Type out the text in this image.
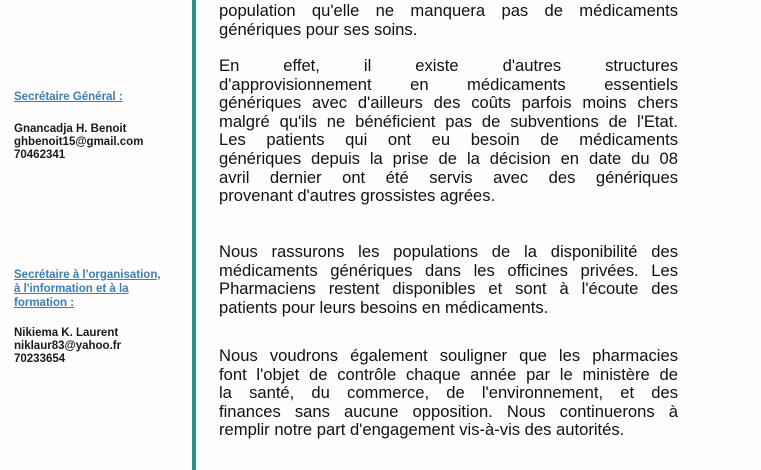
Secrétaire Général :
Gnancadja H. Benoit
ghbenoit15@gmail.com
70462341
Secrétaire à l'organisation,
à l'information et à la
formation :
Nikiema K. Laurent
niklaur83@yahoo.fr
70233654
population qu'elle ne manquera pas de médicaments
génériques pour ses soins.
En effet, il existe d'autres structures
d'approvisionnement en médicaments essentiels
génériques avec d'ailleurs des coûts parfois moins chers
malgré qu'ils ne bénéficient pas de subventions de l'Etat.
Les patients qui ont eu besoin de médicaments
génériques depuis la prise de la décision en date du 08
avril dernier ont été servis avec des génériques
provenant d'autres grossistes agrées.
Nous rassurons les populations de la disponibilité des
médicaments génériques dans les officines privées. Les
Pharmaciens restent disponibles et sont à l'écoute des
patients pour leurs besoins en médicaments.
Nous voudrons également souligner que les pharmacies
font l'objet de contrôle chaque année par le ministère de
la santé, du commerce, de l'environnement, et des
finances sans aucune opposition. Nous continuerons à
remplir notre part d'engagement vis-à-vis des autorités.
